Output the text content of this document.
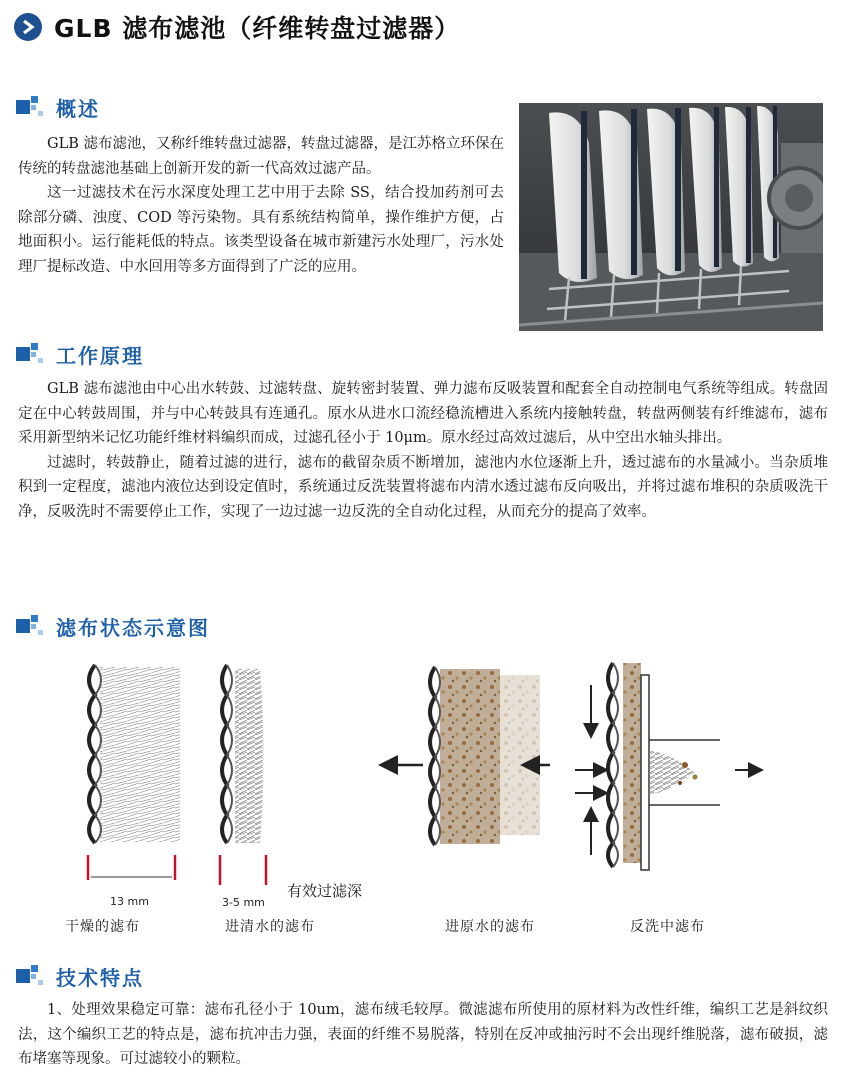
GLB 滤布滤池（纤维转盘过滤器）
概述

GLB 滤布滤池，又称纤维转盘过滤器，转盘过滤器，是江苏格立环保在传统的转盘滤池基础上创新开发的新一代高效过滤产品。

这一过滤技术在污水深度处理工艺中用于去除 SS，结合投加药剂可去除部分磷、浊度、COD 等污染物。具有系统结构简单，操作维护方便，占地面积小。运行能耗低的特点。该类型设备在城市新建污水处理厂，污水处理厂提标改造、中水回用等多方面得到了广泛的应用。

工作原理

GLB 滤布滤池由中心出水转鼓、过滤转盘、旋转密封装置、弹力滤布反吸装置和配套全自动控制电气系统等组成。转盘固定在中心转鼓周围，并与中心转鼓具有连通孔。原水从进水口流经稳流槽进入系统内接触转盘，转盘两侧装有纤维滤布，滤布采用新型纳米记忆功能纤维材料编织而成，过滤孔径小于 10μm。原水经过高效过滤后，从中空出水轴头排出。

过滤时，转鼓静止，随着过滤的进行，滤布的截留杂质不断增加，滤池内水位逐渐上升，透过滤布的水量减小。当杂质堆积到一定程度，滤池内液位达到设定值时，系统通过反洗装置将滤布内清水透过滤布反向吸出，并将过滤布堆积的杂质吸洗干净，反吸洗时不需要停止工作，实现了一边过滤一边反洗的全自动化过程，从而充分的提高了效率。

滤布状态示意图
13 mm	3-5 mm
有效过滤深
干燥的滤布	进清水的滤布	进原水的滤布	反洗中滤布
技术特点

1、处理效果稳定可靠：滤布孔径小于 10um，滤布绒毛较厚。微滤滤布所使用的原材料为改性纤维，编织工艺是斜纹织法，这个编织工艺的特点是，滤布抗冲击力强，表面的纤维不易脱落，特别在反冲或抽污时不会出现纤维脱落，滤布破损，滤布堵塞等现象。可过滤较小的颗粒。
